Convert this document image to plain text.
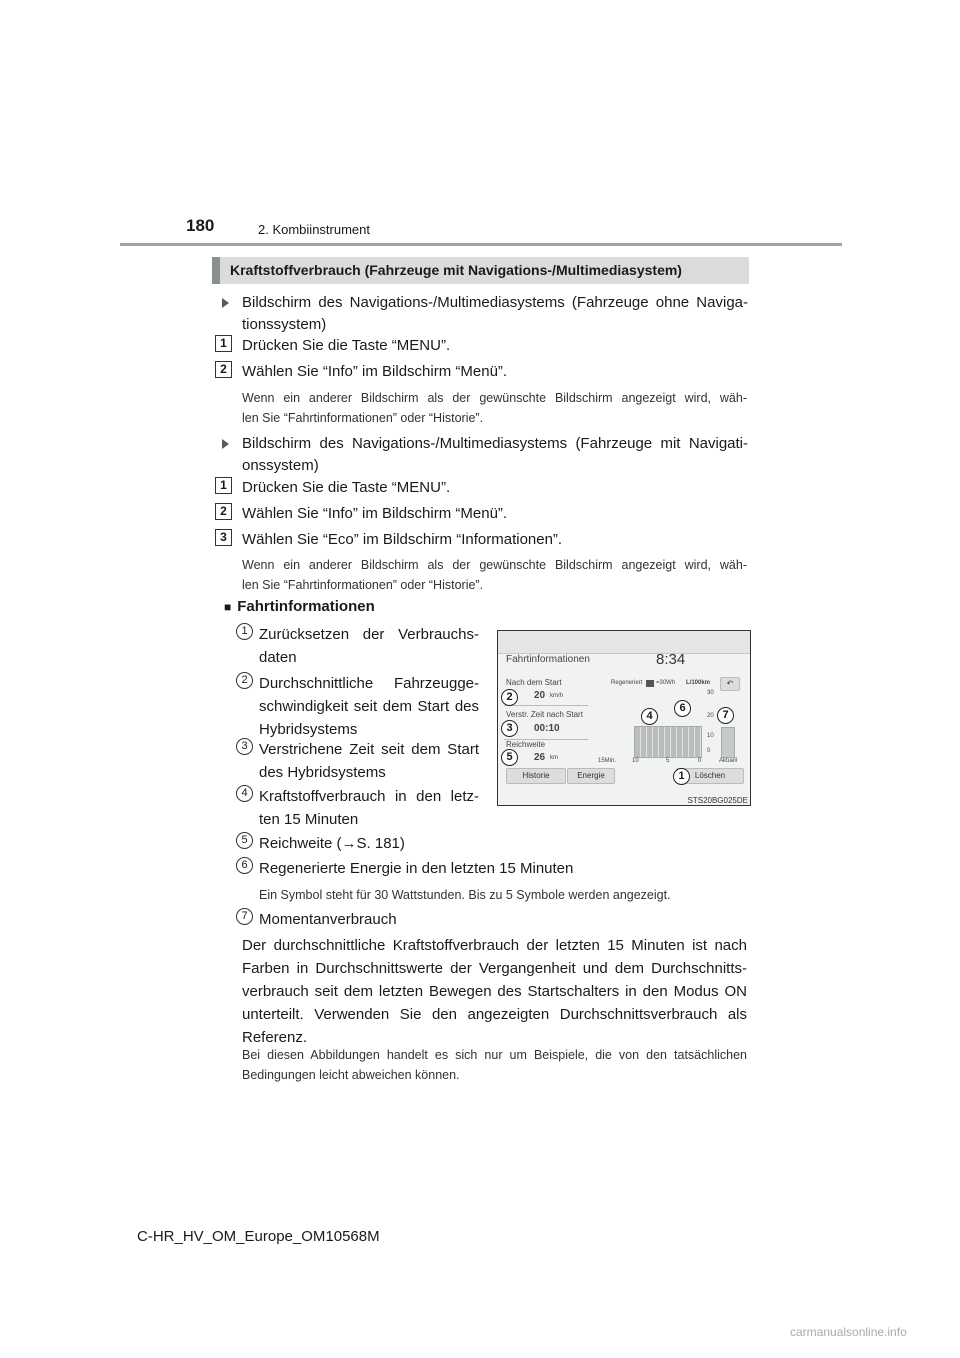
180	2. Kombiinstrument
Kraftstoffverbrauch (Fahrzeuge mit Navigations-/Multimediasystem)
Bildschirm des Navigations-/Multimediasystems (Fahrzeuge ohne Naviga-
tionssystem)
1	Drücken Sie die Taste “MENU”.
2	Wählen Sie “Info” im Bildschirm “Menü”.
Wenn ein anderer Bildschirm als der gewünschte Bildschirm angezeigt wird, wäh-
len Sie “Fahrtinformationen” oder “Historie”.
Bildschirm des Navigations-/Multimediasystems (Fahrzeuge mit Navigati-
onssystem)
1	Drücken Sie die Taste “MENU”.
2	Wählen Sie “Info” im Bildschirm “Menü”.
3	Wählen Sie “Eco” im Bildschirm “Informationen”.
Wenn ein anderer Bildschirm als der gewünschte Bildschirm angezeigt wird, wäh-
len Sie “Fahrtinformationen” oder “Historie”.
■ Fahrtinformationen
1 Zurücksetzen der Verbrauchs-
daten
2 Durchschnittliche Fahrzeugge-
schwindigkeit seit dem Start des
Hybridsystems
3 Verstrichene Zeit seit dem Start
des Hybridsystems
4 Kraftstoffverbrauch in den letz-
ten 15 Minuten
5 Reichweite (→S. 181)
6 Regenerierte Energie in den letzten 15 Minuten
Ein Symbol steht für 30 Wattstunden. Bis zu 5 Symbole werden angezeigt.
7 Momentanverbrauch
Der durchschnittliche Kraftstoffverbrauch der letzten 15 Minuten ist nach
Farben in Durchschnittswerte der Vergangenheit und dem Durchschnitts-
verbrauch seit dem letzten Bewegen des Startschalters in den Modus ON
unterteilt. Verwenden Sie den angezeigten Durchschnittsverbrauch als
Referenz.
Bei diesen Abbildungen handelt es sich nur um Beispiele, die von den tatsächlichen
Bedingungen leicht abweichen können.
Fahrtinformationen	8:34
Nach dem Start
20 km/h
Verstr. Zeit nach Start
00:10
Reichweite
26 km
Regeneriert =30Wh L/100km	↶
30
20
10
0
15Min.	10	5	0	Aktuell
Historie	Energie	Löschen
2
3
5
4
6
7
1
STS20BG025DE
C-HR_HV_OM_Europe_OM10568M
carmanualsonline.info
